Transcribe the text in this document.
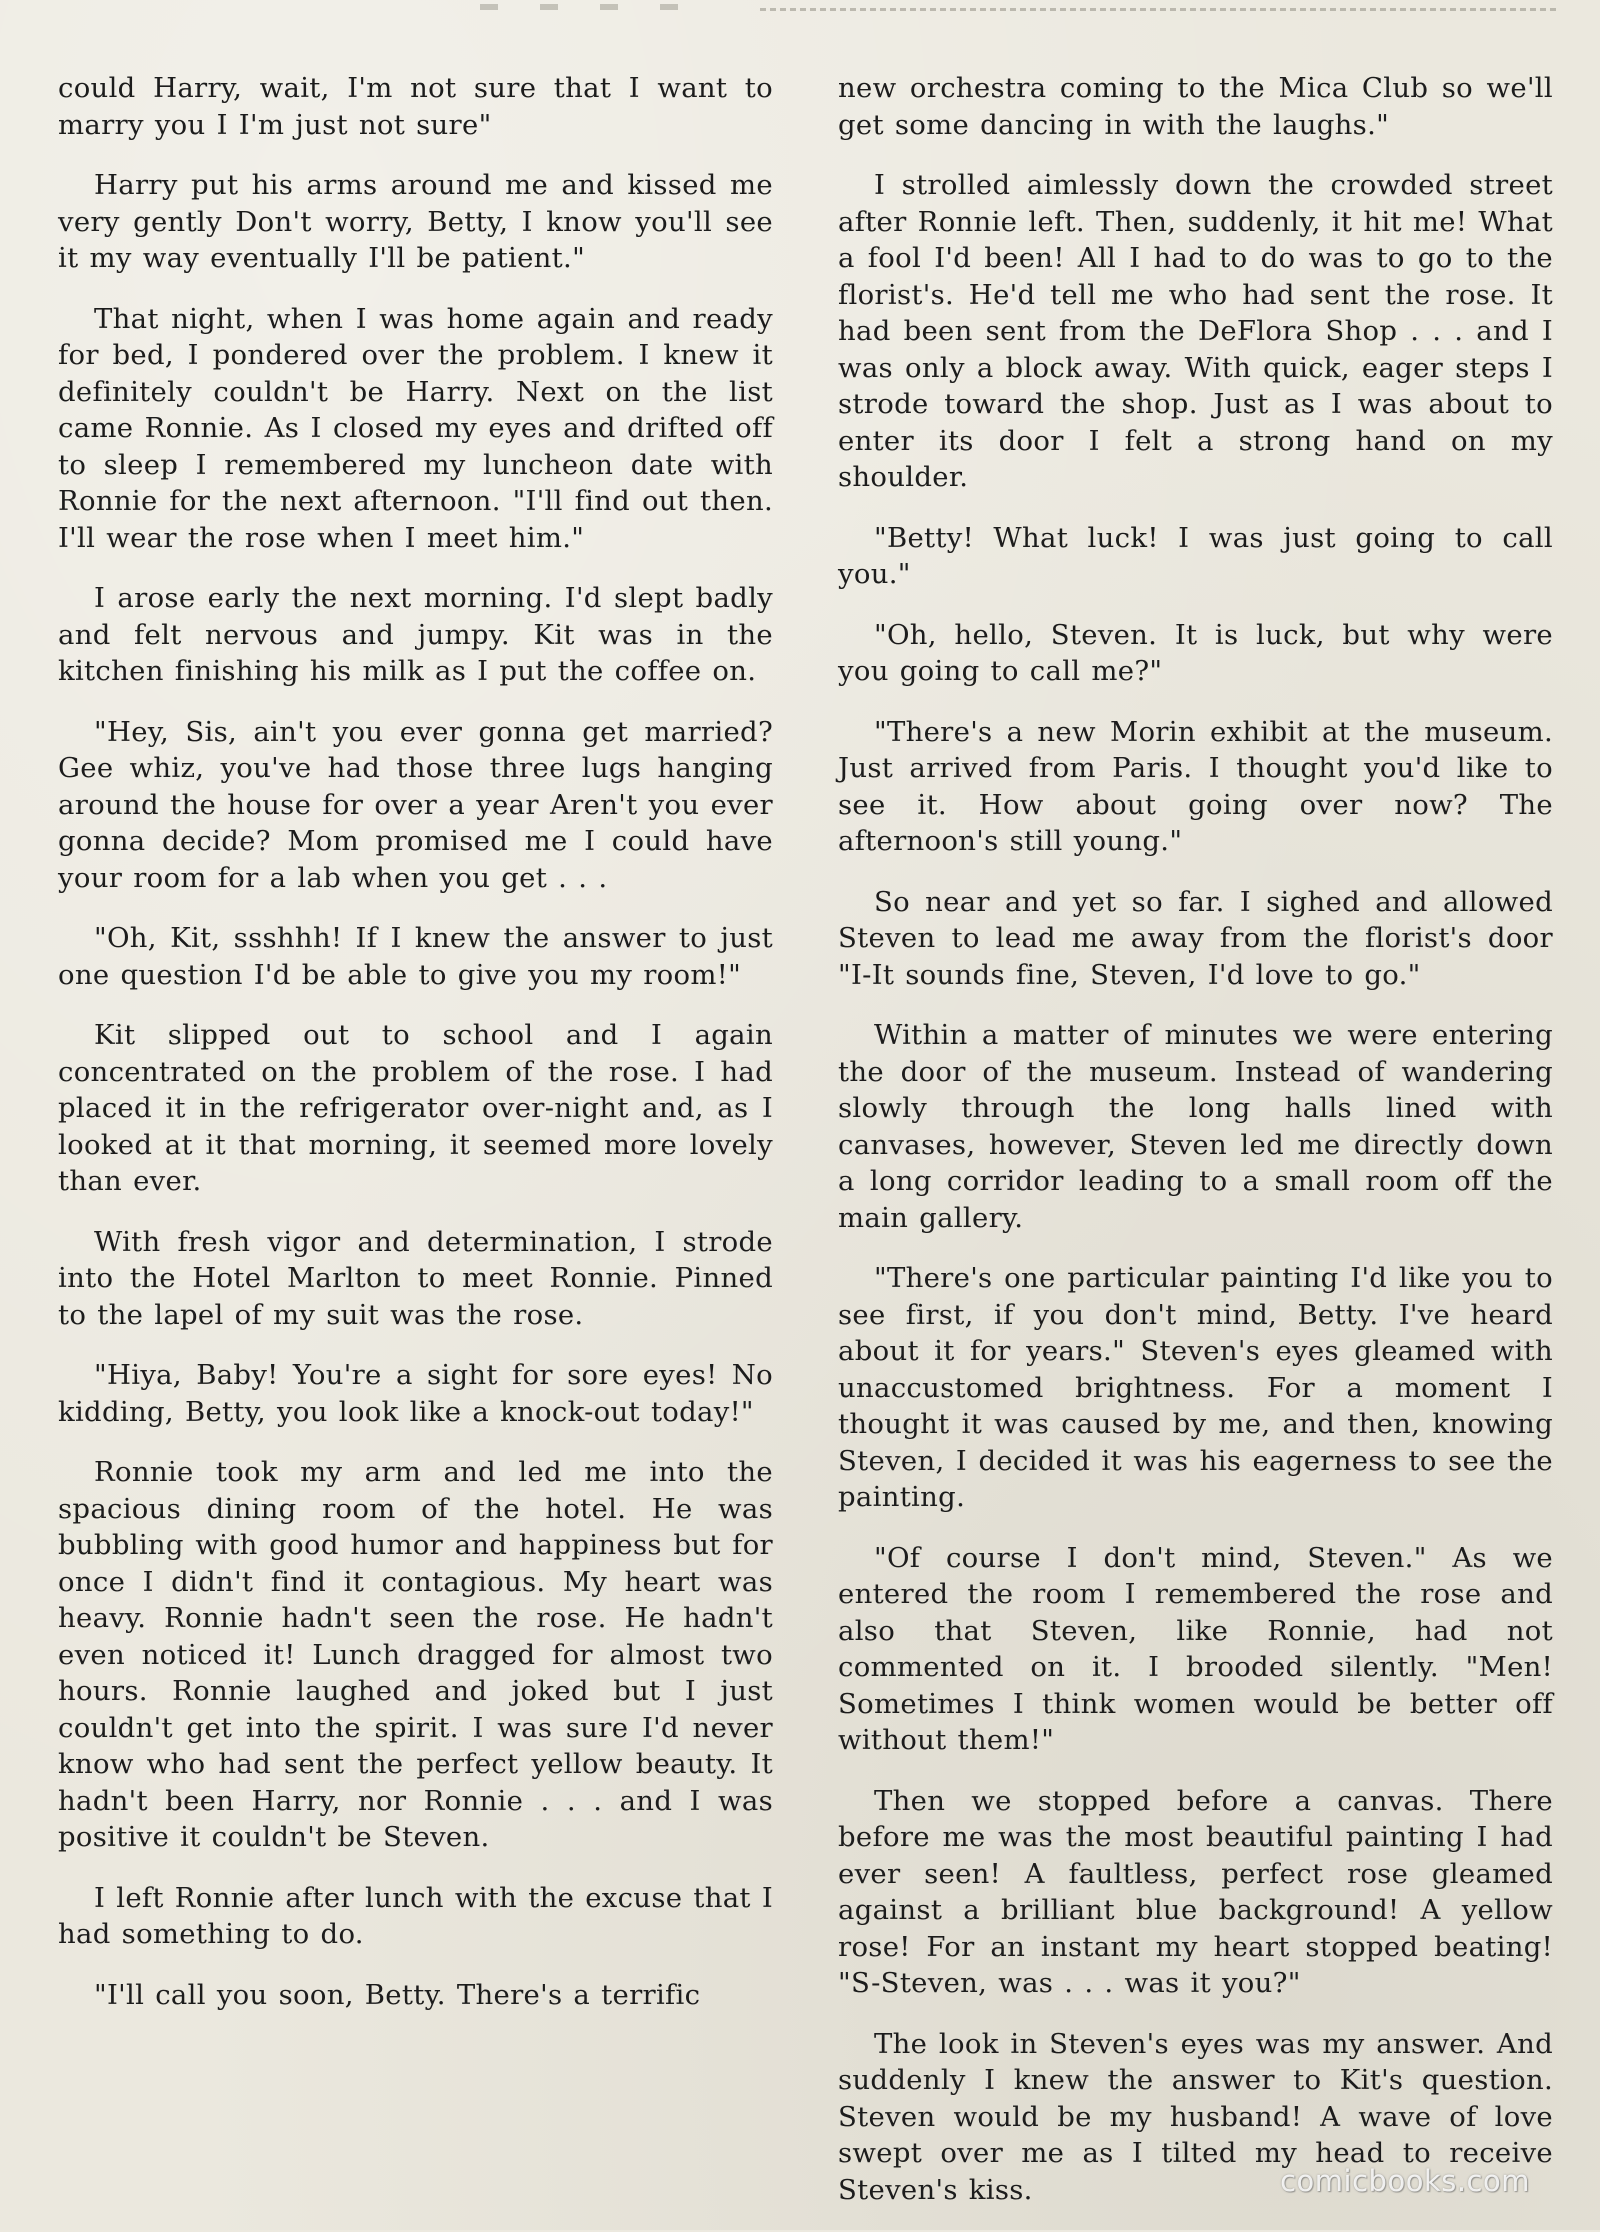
could Harry, wait, I'm not sure that I want to marry you I I'm just not sure"

Harry put his arms around me and kissed me very gently Don't worry, Betty, I know you'll see it my way eventually I'll be patient."

That night, when I was home again and ready for bed, I pondered over the problem. I knew it definitely couldn't be Harry. Next on the list came Ronnie. As I closed my eyes and drifted off to sleep I remembered my luncheon date with Ronnie for the next afternoon. "I'll find out then. I'll wear the rose when I meet him."

I arose early the next morning. I'd slept badly and felt nervous and jumpy. Kit was in the kitchen finishing his milk as I put the coffee on.

"Hey, Sis, ain't you ever gonna get married? Gee whiz, you've had those three lugs hanging around the house for over a year Aren't you ever gonna decide? Mom promised me I could have your room for a lab when you get . . .

"Oh, Kit, ssshhh! If I knew the answer to just one question I'd be able to give you my room!"

Kit slipped out to school and I again concentrated on the problem of the rose. I had placed it in the refrigerator over-night and, as I looked at it that morning, it seemed more lovely than ever.

With fresh vigor and determination, I strode into the Hotel Marlton to meet Ronnie. Pinned to the lapel of my suit was the rose.

"Hiya, Baby! You're a sight for sore eyes! No kidding, Betty, you look like a knock-out today!"

Ronnie took my arm and led me into the spacious dining room of the hotel. He was bubbling with good humor and happiness but for once I didn't find it contagious. My heart was heavy. Ronnie hadn't seen the rose. He hadn't even noticed it! Lunch dragged for almost two hours. Ronnie laughed and joked but I just couldn't get into the spirit. I was sure I'd never know who had sent the perfect yellow beauty. It hadn't been Harry, nor Ronnie . . . and I was positive it couldn't be Steven.

I left Ronnie after lunch with the excuse that I had something to do.

"I'll call you soon, Betty. There's a terrific

new orchestra coming to the Mica Club so we'll get some dancing in with the laughs."

I strolled aimlessly down the crowded street after Ronnie left. Then, suddenly, it hit me! What a fool I'd been! All I had to do was to go to the florist's. He'd tell me who had sent the rose. It had been sent from the DeFlora Shop . . . and I was only a block away. With quick, eager steps I strode toward the shop. Just as I was about to enter its door I felt a strong hand on my shoulder.

"Betty! What luck! I was just going to call you."

"Oh, hello, Steven. It is luck, but why were you going to call me?"

"There's a new Morin exhibit at the museum. Just arrived from Paris. I thought you'd like to see it. How about going over now? The afternoon's still young."

So near and yet so far. I sighed and allowed Steven to lead me away from the florist's door "I-It sounds fine, Steven, I'd love to go."

Within a matter of minutes we were entering the door of the museum. Instead of wandering slowly through the long halls lined with canvases, however, Steven led me directly down a long corridor leading to a small room off the main gallery.

"There's one particular painting I'd like you to see first, if you don't mind, Betty. I've heard about it for years." Steven's eyes gleamed with unaccustomed brightness. For a moment I thought it was caused by me, and then, knowing Steven, I decided it was his eagerness to see the painting.

"Of course I don't mind, Steven." As we entered the room I remembered the rose and also that Steven, like Ronnie, had not commented on it. I brooded silently. "Men! Sometimes I think women would be better off without them!"

Then we stopped before a canvas. There before me was the most beautiful painting I had ever seen! A faultless, perfect rose gleamed against a brilliant blue background! A yellow rose! For an instant my heart stopped beating! "S-Steven, was . . . was it you?"

The look in Steven's eyes was my answer. And suddenly I knew the answer to Kit's question. Steven would be my husband! A wave of love swept over me as I tilted my head to receive Steven's kiss.	comicbooks.com
